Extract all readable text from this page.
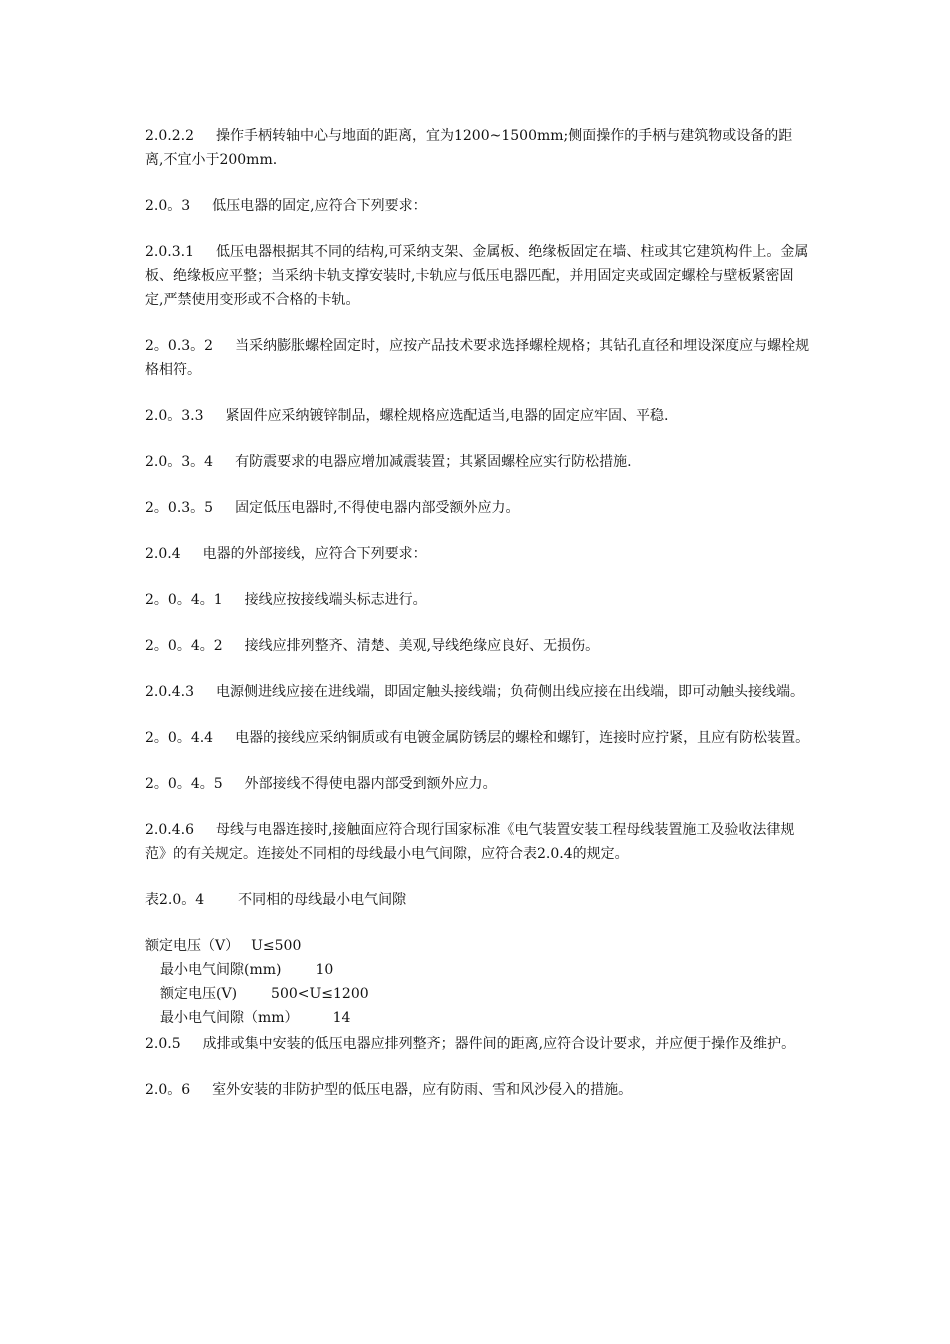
2.0.2.2 操作手柄转轴中心与地面的距离，宜为1200~1500mm;侧面操作的手柄与建筑物或设备的距离,不宜小于200mm.

2.0。3 低压电器的固定,应符合下列要求：

2.0.3.1 低压电器根据其不同的结构,可采纳支架、金属板、绝缘板固定在墙、柱或其它建筑构件上。金属板、绝缘板应平整；当采纳卡轨支撑安装时,卡轨应与低压电器匹配，并用固定夹或固定螺栓与壁板紧密固定,严禁使用变形或不合格的卡轨。

2。0.3。2 当采纳膨胀螺栓固定时，应按产品技术要求选择螺栓规格；其钻孔直径和埋设深度应与螺栓规格相符。

2.0。3.3 紧固件应采纳镀锌制品，螺栓规格应选配适当,电器的固定应牢固、平稳.

2.0。3。4 有防震要求的电器应增加减震装置；其紧固螺栓应实行防松措施.

2。0.3。5 固定低压电器时,不得使电器内部受额外应力。

2.0.4 电器的外部接线，应符合下列要求：

2。0。4。1 接线应按接线端头标志进行。

2。0。4。2 接线应排列整齐、清楚、美观,导线绝缘应良好、无损伤。

2.0.4.3 电源侧进线应接在进线端，即固定触头接线端；负荷侧出线应接在出线端，即可动触头接线端。

2。0。4.4 电器的接线应采纳铜质或有电镀金属防锈层的螺栓和螺钉，连接时应拧紧，且应有防松装置。

2。0。4。5 外部接线不得使电器内部受到额外应力。

2.0.4.6 母线与电器连接时,接触面应符合现行国家标准《电气装置安装工程母线装置施工及验收法律规范》的有关规定。连接处不同相的母线最小电气间隙，应符合表2.0.4的规定。

表2.0。4 不同相的母线最小电气间隙

额定电压（V） U≤500
最小电气间隙(mm) 10
额定电压(V) 500<U≤1200
最小电气间隙（mm） 14

2.0.5 成排或集中安装的低压电器应排列整齐；器件间的距离,应符合设计要求，并应便于操作及维护。

2.0。6 室外安装的非防护型的低压电器，应有防雨、雪和风沙侵入的措施。
